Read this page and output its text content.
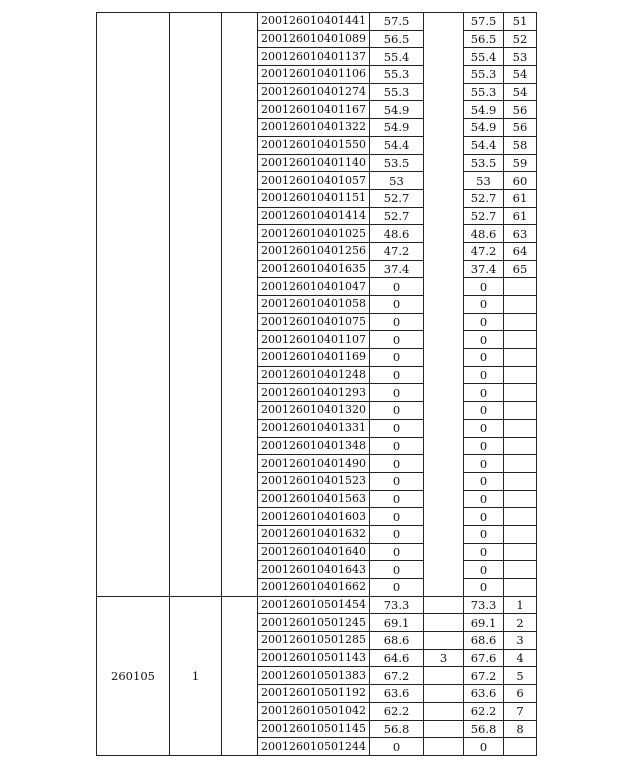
			200126010401441	57.5		57.5	51
			200126010401089	56.5		56.5	52
			200126010401137	55.4		55.4	53
			200126010401106	55.3		55.3	54
			200126010401274	55.3		55.3	54
			200126010401167	54.9		54.9	56
			200126010401322	54.9		54.9	56
			200126010401550	54.4		54.4	58
			200126010401140	53.5		53.5	59
			200126010401057	53		53	60
			200126010401151	52.7		52.7	61
			200126010401414	52.7		52.7	61
			200126010401025	48.6		48.6	63
			200126010401256	47.2		47.2	64
			200126010401635	37.4		37.4	65
			200126010401047	0		0	
			200126010401058	0		0	
			200126010401075	0		0	
			200126010401107	0		0	
			200126010401169	0		0	
			200126010401248	0		0	
			200126010401293	0		0	
			200126010401320	0		0	
			200126010401331	0		0	
			200126010401348	0		0	
			200126010401490	0		0	
			200126010401523	0		0	
			200126010401563	0		0	
			200126010401603	0		0	
			200126010401632	0		0	
			200126010401640	0		0	
			200126010401643	0		0	
			200126010401662	0		0	
260105	1		200126010501454	73.3		73.3	1
			200126010501245	69.1		69.1	2
			200126010501285	68.6		68.6	3
			200126010501143	64.6	3	67.6	4
			200126010501383	67.2		67.2	5
			200126010501192	63.6		63.6	6
			200126010501042	62.2		62.2	7
			200126010501145	56.8		56.8	8
			200126010501244	0		0	
